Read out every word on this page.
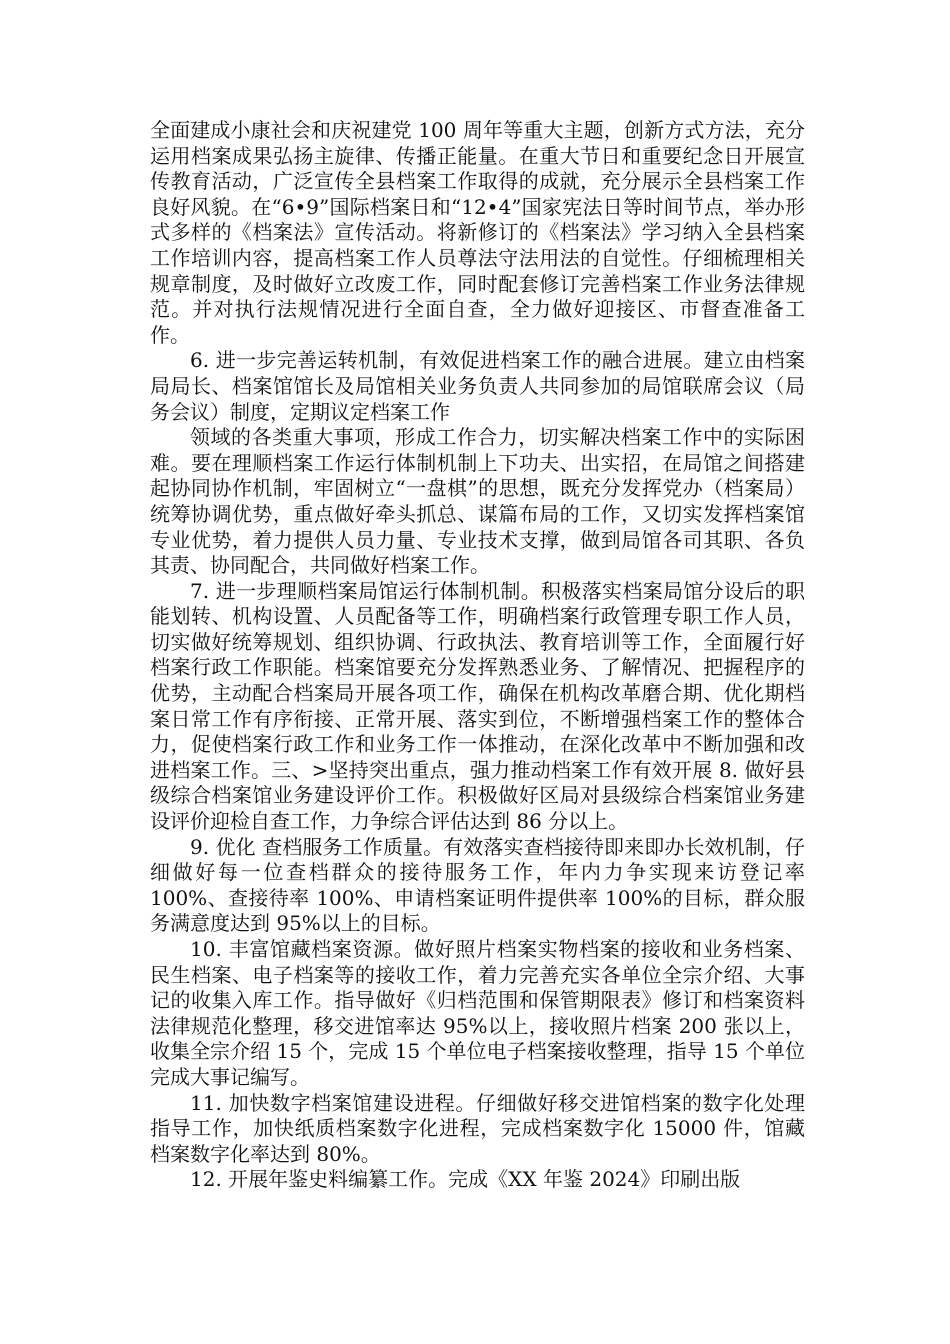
全面建成小康社会和庆祝建党 100 周年等重大主题，创新方式方法，充分运用档案成果弘扬主旋律、传播正能量。在重大节日和重要纪念日开展宣传教育活动，广泛宣传全县档案工作取得的成就，充分展示全县档案工作良好风貌。在“6•9”国际档案日和“12•4”国家宪法日等时间节点，举办形式多样的《档案法》宣传活动。将新修订的《档案法》学习纳入全县档案工作培训内容，提高档案工作人员尊法守法用法的自觉性。仔细梳理相关规章制度，及时做好立改废工作，同时配套修订完善档案工作业务法律规范。并对执行法规情况进行全面自查，全力做好迎接区、市督查准备工作。

6. 进一步完善运转机制，有效促进档案工作的融合进展。建立由档案局局长、档案馆馆长及局馆相关业务负责人共同参加的局馆联席会议（局务会议）制度，定期议定档案工作

领域的各类重大事项，形成工作合力，切实解决档案工作中的实际困难。要在理顺档案工作运行体制机制上下功夫、出实招，在局馆之间搭建起协同协作机制，牢固树立“一盘棋”的思想，既充分发挥党办（档案局）统筹协调优势，重点做好牵头抓总、谋篇布局的工作，又切实发挥档案馆专业优势，着力提供人员力量、专业技术支撑，做到局馆各司其职、各负其责、协同配合，共同做好档案工作。

7. 进一步理顺档案局馆运行体制机制。积极落实档案局馆分设后的职能划转、机构设置、人员配备等工作，明确档案行政管理专职工作人员，切实做好统筹规划、组织协调、行政执法、教育培训等工作，全面履行好档案行政工作职能。档案馆要充分发挥熟悉业务、了解情况、把握程序的优势，主动配合档案局开展各项工作，确保在机构改革磨合期、优化期档案日常工作有序衔接、正常开展、落实到位，不断增强档案工作的整体合力，促使档案行政工作和业务工作一体推动，在深化改革中不断加强和改进档案工作。三、>坚持突出重点，强力推动档案工作有效开展 8. 做好县级综合档案馆业务建设评价工作。积极做好区局对县级综合档案馆业务建设评价迎检自查工作，力争综合评估达到 86 分以上。

9. 优化 查档服务工作质量。有效落实查档接待即来即办长效机制，仔细做好每一位查档群众的接待服务工作，年内力争实现来访登记率 100%、查接待率 100%、申请档案证明件提供率 100%的目标，群众服务满意度达到 95%以上的目标。

10. 丰富馆藏档案资源。做好照片档案实物档案的接收和业务档案、民生档案、电子档案等的接收工作，着力完善充实各单位全宗介绍、大事记的收集入库工作。指导做好《归档范围和保管期限表》修订和档案资料法律规范化整理，移交进馆率达 95%以上，接收照片档案 200 张以上，收集全宗介绍 15 个，完成 15 个单位电子档案接收整理，指导 15 个单位完成大事记编写。

11. 加快数字档案馆建设进程。仔细做好移交进馆档案的数字化处理指导工作，加快纸质档案数字化进程，完成档案数字化 15000 件，馆藏档案数字化率达到 80%。

12. 开展年鉴史料编纂工作。完成《XX 年鉴 2024》印刷出版
